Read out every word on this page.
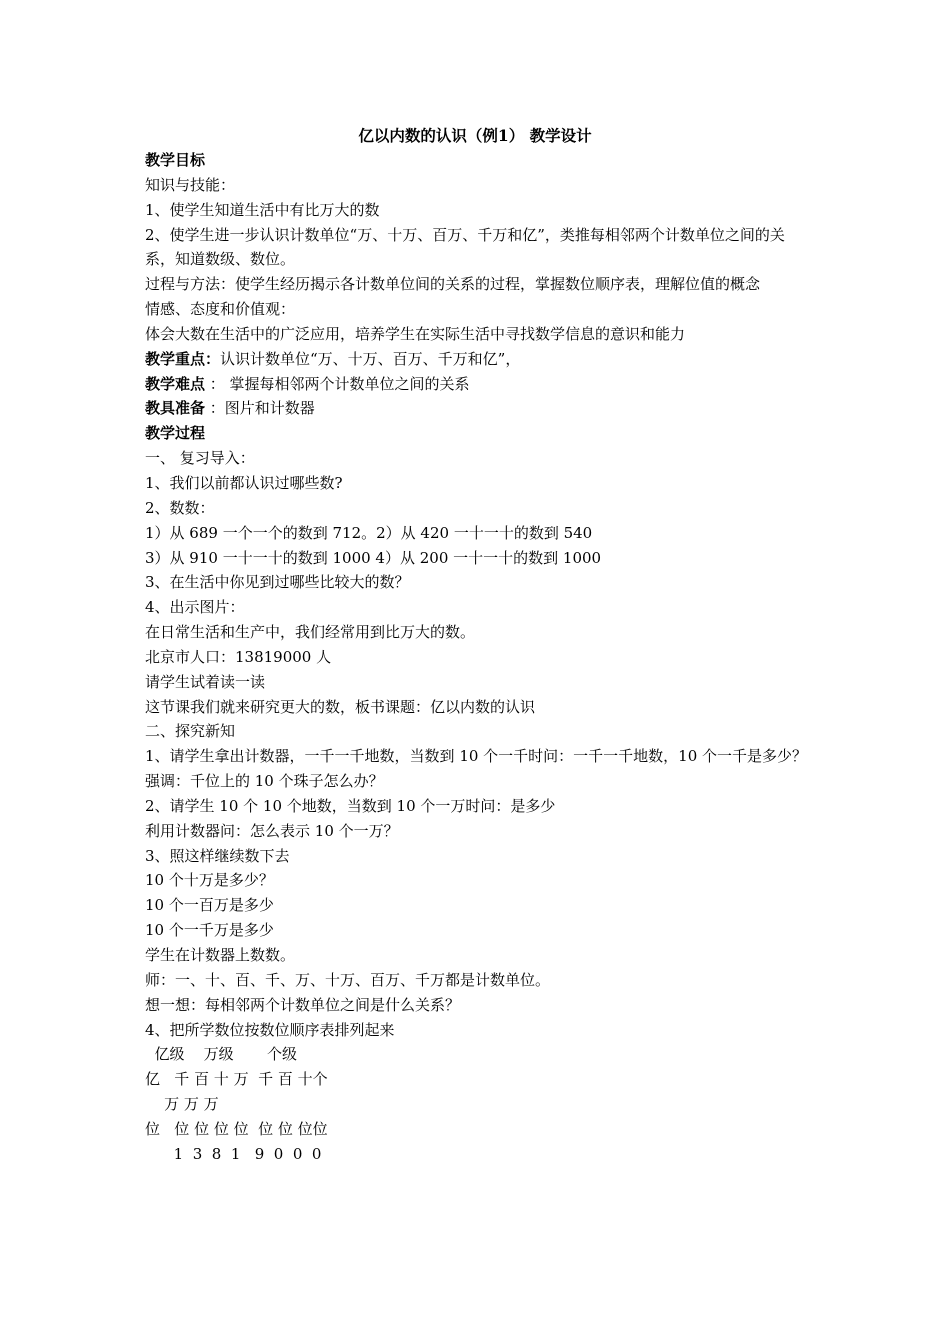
亿以内数的认识（例1） 教学设计
教学目标
知识与技能：
1、使学生知道生活中有比万大的数
2、使学生进一步认识计数单位“万、十万、百万、千万和亿”，类推每相邻两个计数单位之间的关系，知道数级、数位。
过程与方法：使学生经历揭示各计数单位间的关系的过程，掌握数位顺序表，理解位值的概念
情感、态度和价值观：
体会大数在生活中的广泛应用，培养学生在实际生活中寻找数学信息的意识和能力
教学重点：认识计数单位“万、十万、百万、千万和亿”，
教学难点 ： 掌握每相邻两个计数单位之间的关系
教具准备 ：图片和计数器
教学过程
一、 复习导入：
1、我们以前都认识过哪些数?
2、数数：
1）从 689 一个一个的数到 712。2）从 420 一十一十的数到 540
3）从 910 一十一十的数到 1000 4）从 200 一十一十的数到 1000
3、在生活中你见到过哪些比较大的数？
4、出示图片：
在日常生活和生产中，我们经常用到比万大的数。
北京市人口：13819000 人
请学生试着读一读
这节课我们就来研究更大的数，板书课题：亿以内数的认识
二、探究新知
1、请学生拿出计数器，一千一千地数，当数到 10 个一千时问：一千一千地数，10 个一千是多少？
强调：千位上的 10 个珠子怎么办？
2、请学生 10 个 10 个地数，当数到 10 个一万时问：是多少
利用计数器问：怎么表示 10 个一万？
3、照这样继续数下去
10 个十万是多少？
10 个一百万是多少
10 个一千万是多少
学生在计数器上数数。
师：一、十、百、千、万、十万、百万、千万都是计数单位。
想一想：每相邻两个计数单位之间是什么关系？
4、把所学数位按数位顺序表排列起来
亿级    万级       个级
亿   千 百 十 万  千 百 十个
万 万 万
位   位 位 位 位  位 位 位位
1  3  8  1   9  0  0  0
